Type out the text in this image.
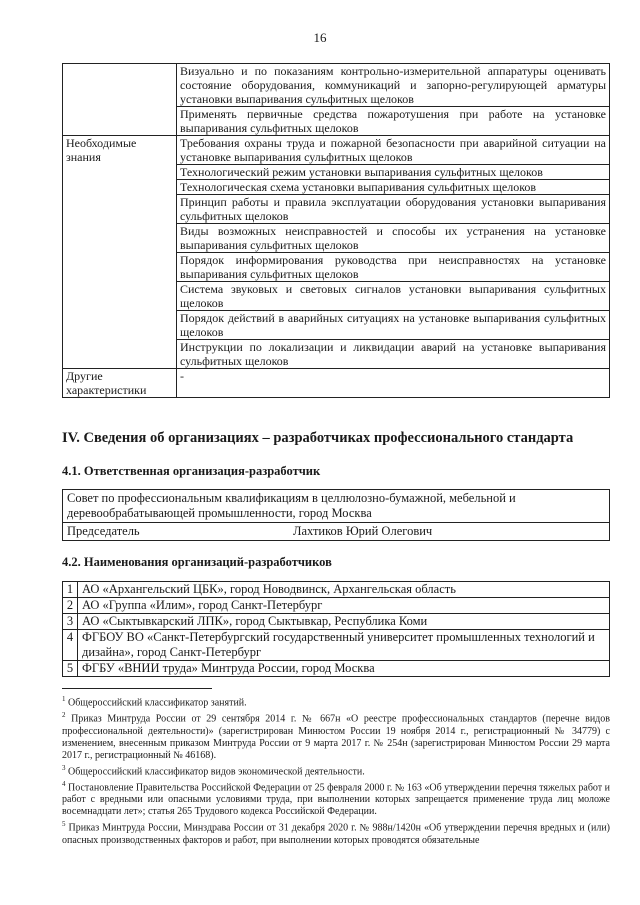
16
	Визуально и по показаниям контрольно-измерительной аппаратуры оценивать состояние оборудования, коммуникаций и запорно-регулирующей арматуры установки выпаривания сульфитных щелоков
	Применять первичные средства пожаротушения при работе на установке выпаривания сульфитных щелоков
Необходимые знания	Требования охраны труда и пожарной безопасности при аварийной ситуации на установке выпаривания сульфитных щелоков
	Технологический режим установки выпаривания сульфитных щелоков
	Технологическая схема установки выпаривания сульфитных щелоков
	Принцип работы и правила эксплуатации оборудования установки выпаривания сульфитных щелоков
	Виды возможных неисправностей и способы их устранения на установке выпаривания сульфитных щелоков
	Порядок информирования руководства при неисправностях на установке выпаривания сульфитных щелоков
	Система звуковых и световых сигналов установки выпаривания сульфитных щелоков
	Порядок действий в аварийных ситуациях на установке выпаривания сульфитных щелоков
	Инструкции по локализации и ликвидации аварий на установке выпаривания сульфитных щелоков
Другие характеристики	-
IV. Сведения об организациях – разработчиках профессионального стандарта
4.1. Ответственная организация-разработчик
Совет по профессиональным квалификациям в целлюлозно-бумажной, мебельной и деревообрабатывающей промышленности, город Москва
Председатель	Лахтиков Юрий Олегович
4.2. Наименования организаций-разработчиков
1	АО «Архангельский ЦБК», город Новодвинск, Архангельская область
2	АО «Группа «Илим», город Санкт-Петербург
3	АО «Сыктывкарский ЛПК», город Сыктывкар, Республика Коми
4	ФГБОУ ВО «Санкт-Петербургский государственный университет промышленных технологий и дизайна», город Санкт-Петербург
5	ФГБУ «ВНИИ труда» Минтруда России, город Москва

$^1$ Общероссийский классификатор занятий.

$^2$ Приказ Минтруда России от 29 сентября 2014 г. № 667н «О реестре профессиональных стандартов (перечне видов профессиональной деятельности)» (зарегистрирован Минюстом России 19 ноября 2014 г., регистрационный № 34779) с изменением, внесенным приказом Минтруда России от 9 марта 2017 г. № 254н (зарегистрирован Минюстом России 29 марта 2017 г., регистрационный № 46168).

$^3$ Общероссийский классификатор видов экономической деятельности.

$^4$ Постановление Правительства Российской Федерации от 25 февраля 2000 г. № 163 «Об утверждении перечня тяжелых работ и работ с вредными или опасными условиями труда, при выполнении которых запрещается применение труда лиц моложе восемнадцати лет»; статья 265 Трудового кодекса Российской Федерации.

$^5$ Приказ Минтруда России, Минздрава России от 31 декабря 2020 г. № 988н/1420н «Об утверждении перечня вредных и (или) опасных производственных факторов и работ, при выполнении которых проводятся обязательные
